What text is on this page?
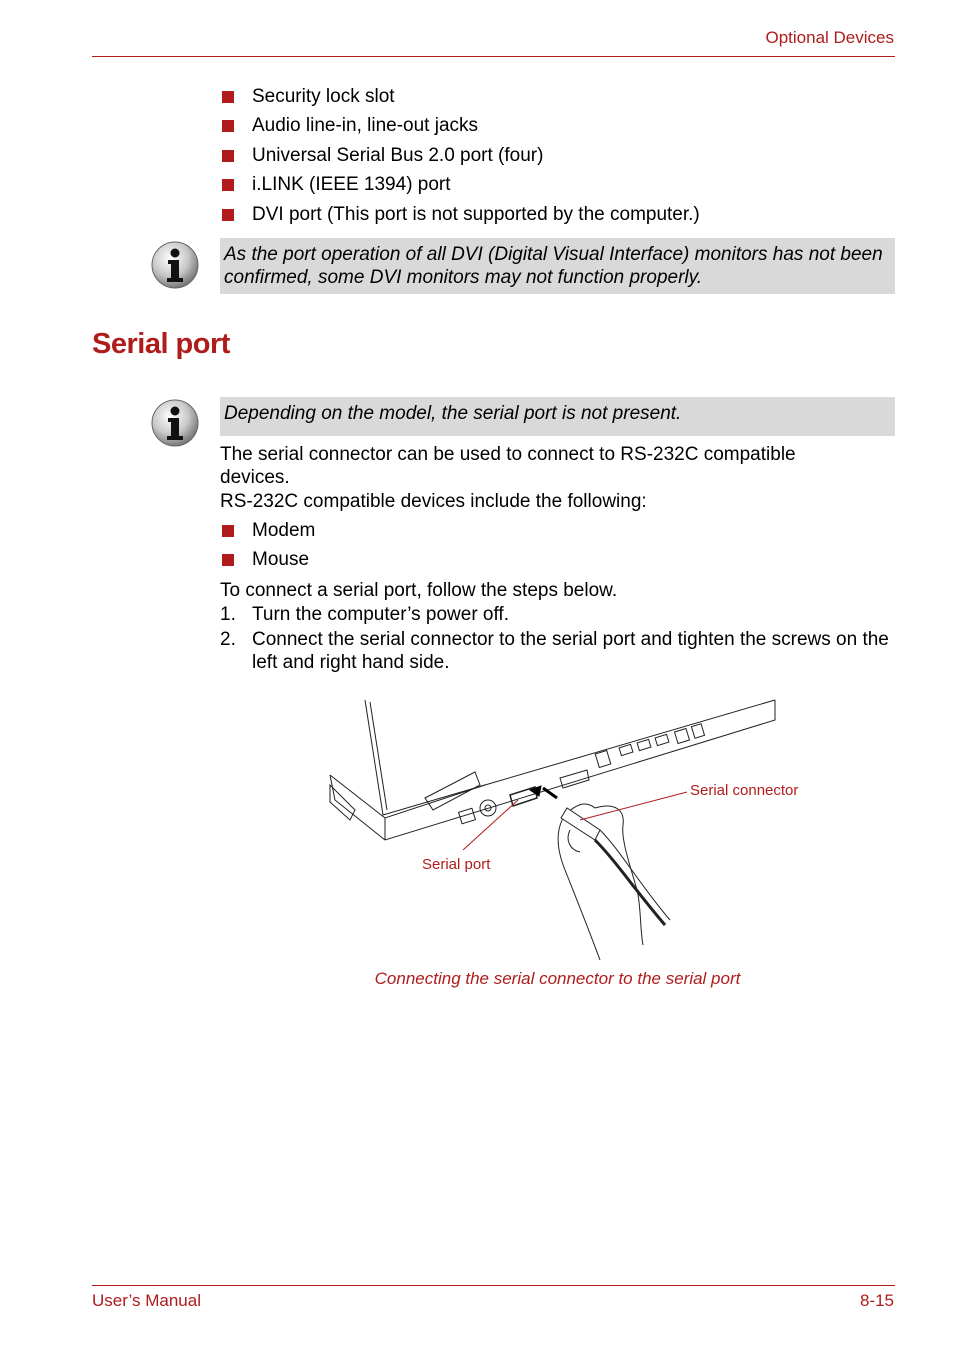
Optional Devices
Security lock slot
Audio line-in, line-out jacks
Universal Serial Bus 2.0 port (four)
i.LINK (IEEE 1394) port
DVI port (This port is not supported by the computer.)
As the port operation of all DVI (Digital Visual Interface) monitors has not been confirmed, some DVI monitors may not function properly.
Serial port
Depending on the model, the serial port is not present.

The serial connector can be used to connect to RS-232C compatible devices.

RS-232C compatible devices include the following:

Modem
Mouse

To connect a serial port, follow the steps below.

1. Turn the computer’s power off.
2. Connect the serial connector to the serial port and tighten the screws on the left and right hand side.
Serial connector
Serial port
Connecting the serial connector to the serial port
User’s Manual	8-15
